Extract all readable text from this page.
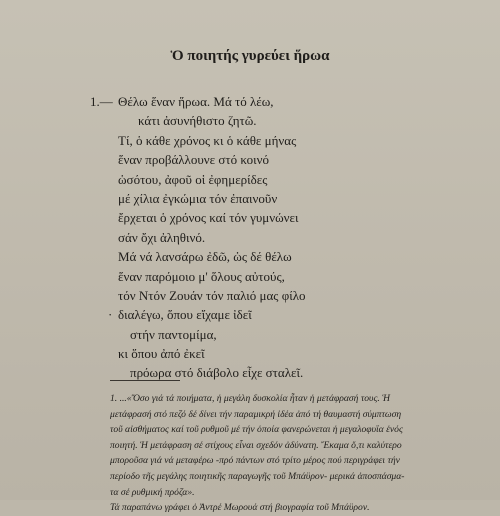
Ὁ ποιητής γυρεύει ἥρωα
1.— Θέλω ἕναν ἥρωα. Μά τό λέω,
κάτι ἀσυνήθιστο ζητῶ.
Τί, ὁ κάθε χρόνος κι ὁ κάθε μήνας
ἕναν προβάλλουνε στό κοινό
ὡσότου, ἀφοῦ οἱ ἐφημερίδες
μέ χίλια ἐγκώμια τόν ἐπαινοῦν
ἔρχεται ὁ χρόνος καί τόν γυμνώνει
σάν ὄχι ἀληθινό.
Μά νά λανσάρω ἐδῶ, ὡς δέ θέλω
ἕναν παρόμοιο μ' ὅλους αὐτούς,
τόν Ντόν Ζουάν τόν παλιό μας φίλο
· διαλέγω, ὅπου εἴχαμε ἰδεῖ
στήν παντομίμα,
κι ὅπου ἀπό ἐκεῖ
πρόωρα στό διάβολο εἶχε σταλεῖ.
1. ...«Ὅσο γιά τά ποιήματα, ἡ μεγάλη δυσκολία ἦταν ἡ μετάφρασή τους. Ἡ
μετάφρασή στό πεζό δέ δίνει τήν παραμικρή ἰδέα ἀπό τή θαυμαστή σύμπτωση
τοῦ αἰσθήματος καί τοῦ ρυθμοῦ μέ τήν ὁποία φανερώνεται ἡ μεγαλοφυΐα ἑνός
ποιητή. Ἡ μετάφραση σέ στίχους εἶναι σχεδόν ἀδύνατη. Ἔκαμα ὅ,τι καλύτερο
μποροῦσα γιά νά μεταφέρω -πρό πάντων στό τρίτο μέρος πού περιγράφει τήν
περίοδο τῆς μεγάλης ποιητικῆς παραγωγῆς τοῦ Μπάϋρον- μερικά ἀποσπάσμα-
τα σέ ρυθμική πρόζα».
Τά παραπάνω γράφει ὁ Ἀντρέ Μωρουά στή βιογραφία τοῦ Μπάϋρον.
